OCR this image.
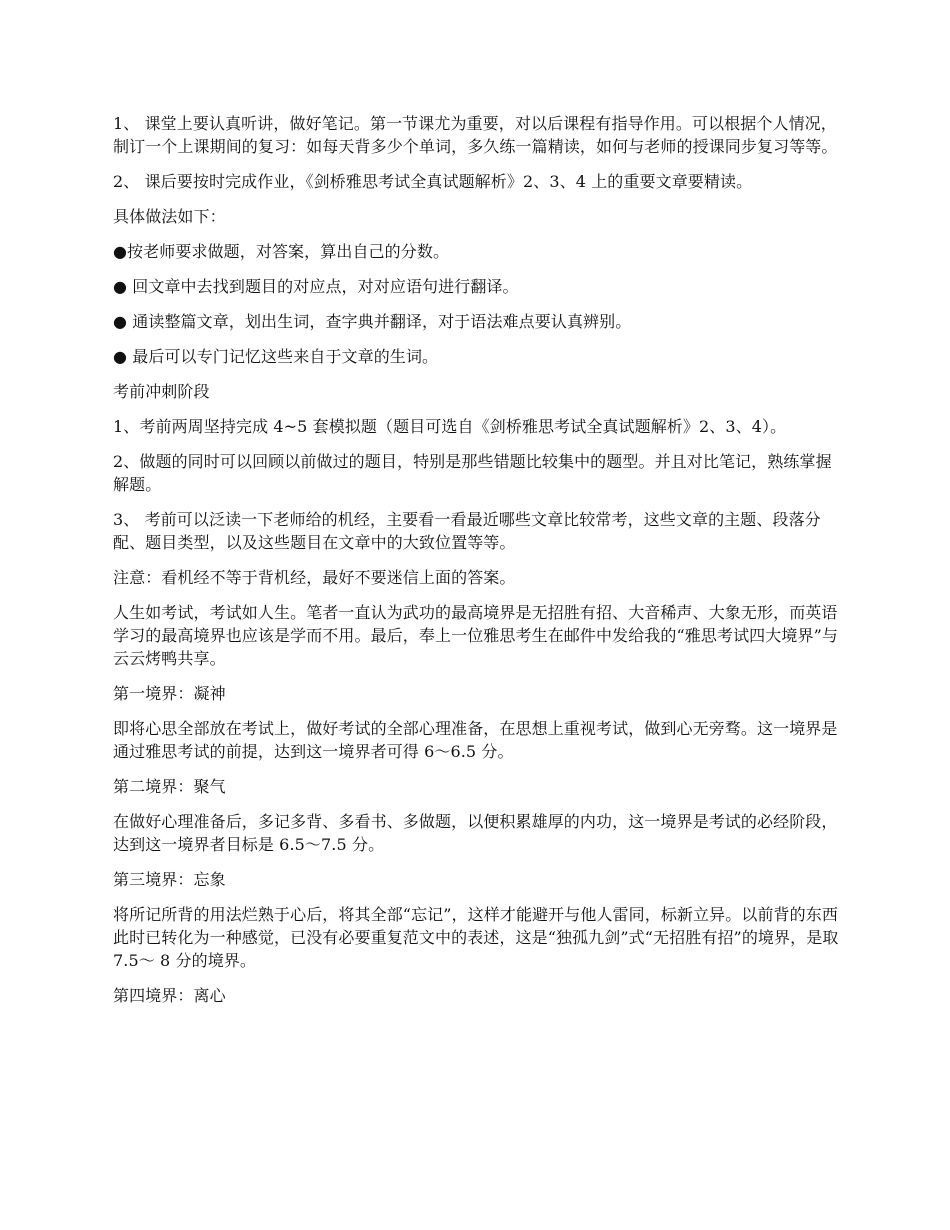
1、 课堂上要认真听讲，做好笔记。第一节课尤为重要，对以后课程有指导作用。可以根据个人情况，制订一个上课期间的复习：如每天背多少个单词，多久练一篇精读，如何与老师的授课同步复习等等。

2、 课后要按时完成作业，《剑桥雅思考试全真试题解析》2、3、4 上的重要文章要精读。

具体做法如下：

●按老师要求做题，对答案，算出自己的分数。

● 回文章中去找到题目的对应点，对对应语句进行翻译。

● 通读整篇文章，划出生词，查字典并翻译，对于语法难点要认真辨别。

● 最后可以专门记忆这些来自于文章的生词。

考前冲刺阶段

1、考前两周坚持完成 4~5 套模拟题（题目可选自《剑桥雅思考试全真试题解析》2、3、4）。

2、做题的同时可以回顾以前做过的题目，特别是那些错题比较集中的题型。并且对比笔记，熟练掌握解题。

3、 考前可以泛读一下老师给的机经，主要看一看最近哪些文章比较常考，这些文章的主题、段落分配、题目类型，以及这些题目在文章中的大致位置等等。

注意：看机经不等于背机经，最好不要迷信上面的答案。

人生如考试，考试如人生。笔者一直认为武功的最高境界是无招胜有招、大音稀声、大象无形，而英语学习的最高境界也应该是学而不用。最后，奉上一位雅思考生在邮件中发给我的“雅思考试四大境界”与云云烤鸭共享。

第一境界：凝神

即将心思全部放在考试上，做好考试的全部心理准备，在思想上重视考试，做到心无旁骛。这一境界是通过雅思考试的前提，达到这一境界者可得 6～6.5 分。

第二境界：聚气

在做好心理准备后，多记多背、多看书、多做题，以便积累雄厚的内功，这一境界是考试的必经阶段，达到这一境界者目标是 6.5～7.5 分。

第三境界：忘象

将所记所背的用法烂熟于心后，将其全部“忘记”，这样才能避开与他人雷同，标新立异。以前背的东西此时已转化为一种感觉，已没有必要重复范文中的表述，这是“独孤九剑”式“无招胜有招”的境界，是取 7.5～ 8 分的境界。

第四境界：离心
